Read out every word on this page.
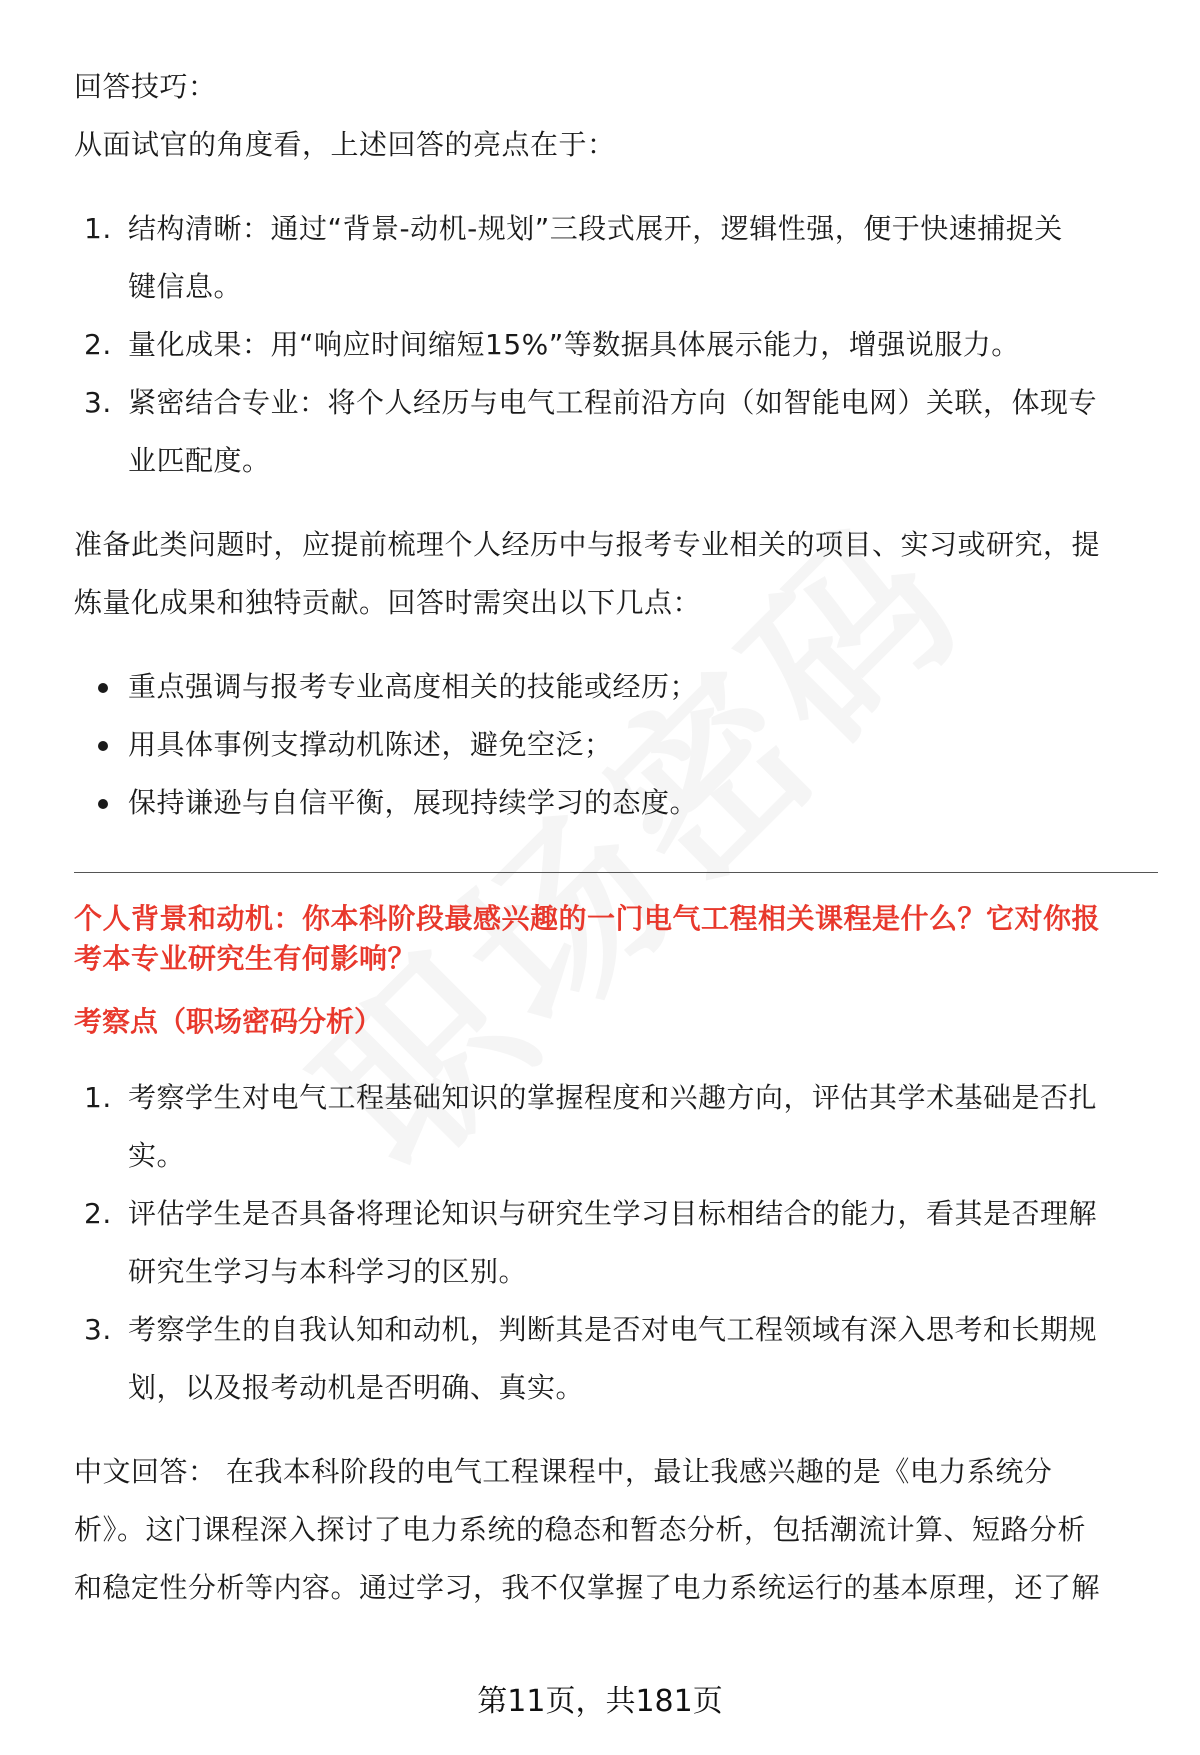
回答技巧：

从面试官的角度看，上述回答的亮点在于：

1. 结构清晰：通过“背景-动机-规划”三段式展开，逻辑性强，便于快速捕捉关
键信息。
2. 量化成果：用“响应时间缩短15%”等数据具体展示能力，增强说服力。
3. 紧密结合专业：将个人经历与电气工程前沿方向（如智能电网）关联，体现专
业匹配度。

准备此类问题时，应提前梳理个人经历中与报考专业相关的项目、实习或研究，提
炼量化成果和独特贡献。回答时需突出以下几点：

重点强调与报考专业高度相关的技能或经历；
用具体事例支撑动机陈述，避免空泛；
保持谦逊与自信平衡，展现持续学习的态度。

个人背景和动机：你本科阶段最感兴趣的一门电气工程相关课程是什么？它对你报
考本专业研究生有何影响？

考察点（职场密码分析）

1. 考察学生对电气工程基础知识的掌握程度和兴趣方向，评估其学术基础是否扎
实。
2. 评估学生是否具备将理论知识与研究生学习目标相结合的能力，看其是否理解
研究生学习与本科学习的区别。
3. 考察学生的自我认知和动机，判断其是否对电气工程领域有深入思考和长期规
划，以及报考动机是否明确、真实。

中文回答： 在我本科阶段的电气工程课程中，最让我感兴趣的是《电力系统分
析》。这门课程深入探讨了电力系统的稳态和暂态分析，包括潮流计算、短路分析
和稳定性分析等内容。通过学习，我不仅掌握了电力系统运行的基本原理，还了解

第11页，共181页
